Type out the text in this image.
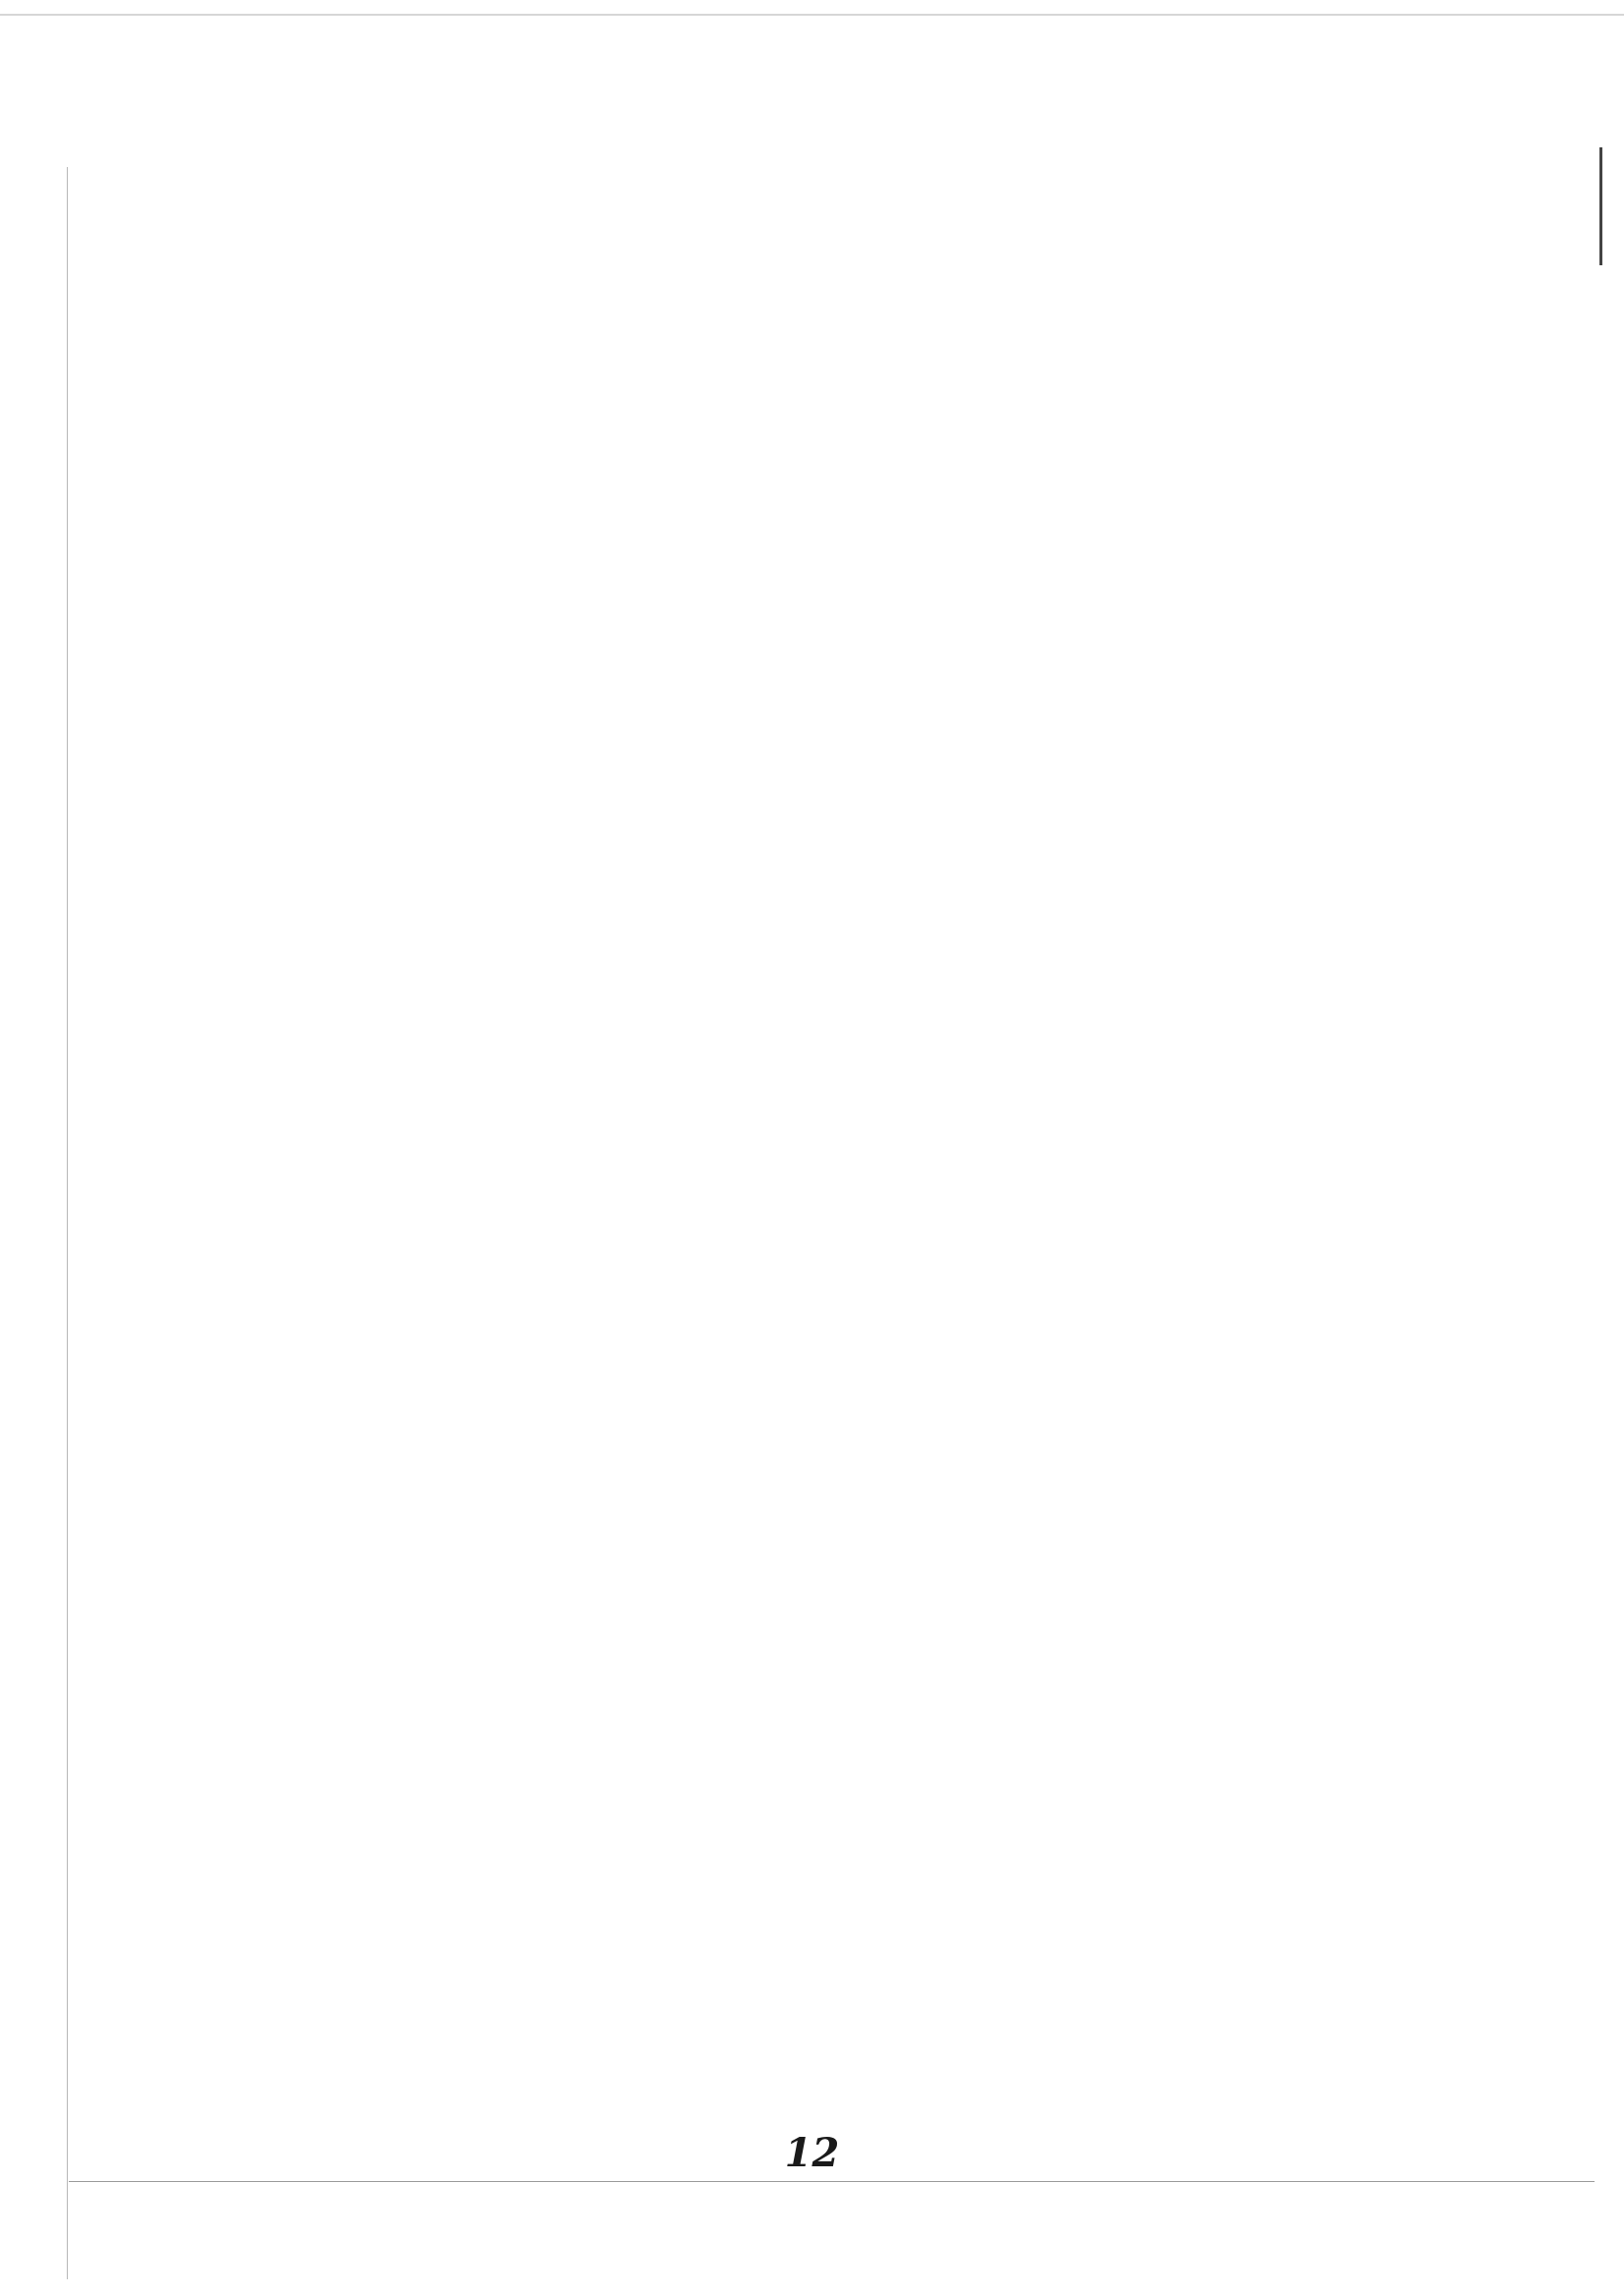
12
